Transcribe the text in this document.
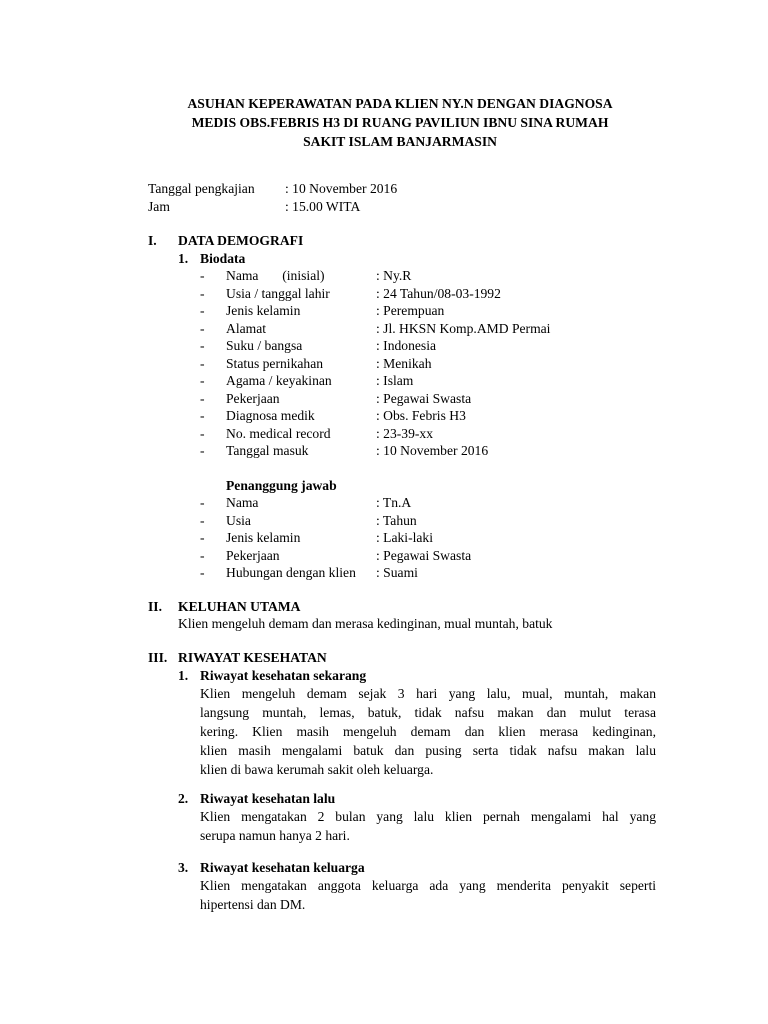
ASUHAN KEPERAWATAN PADA KLIEN NY.N DENGAN DIAGNOSA
MEDIS OBS.FEBRIS H3 DI RUANG PAVILIUN IBNU SINA RUMAH
SAKIT ISLAM BANJARMASIN
Tanggal pengkajian : 10 November 2016
Jam	: 15.00 WITA
I. DATA DEMOGRAFI
1. Biodata
- Nama       (inisial)	: Ny.R
- Usia / tanggal lahir	: 24 Tahun/08-03-1992
- Jenis kelamin	: Perempuan
- Alamat	: Jl. HKSN Komp.AMD Permai
- Suku / bangsa	: Indonesia
- Status pernikahan	: Menikah
- Agama / keyakinan	: Islam
- Pekerjaan	: Pegawai Swasta
- Diagnosa medik	: Obs. Febris H3
- No. medical record	: 23-39-xx
- Tanggal masuk	: 10 November 2016
Penanggung jawab
- Nama	: Tn.A
- Usia	: Tahun
- Jenis kelamin	: Laki-laki
- Pekerjaan	: Pegawai Swasta
- Hubungan dengan klien : Suami
II. KELUHAN UTAMA
Klien mengeluh demam dan merasa kedinginan, mual muntah, batuk
III. RIWAYAT KESEHATAN
1. Riwayat kesehatan sekarang
Klien mengeluh demam sejak 3 hari yang lalu, mual, muntah, makan
langsung muntah, lemas, batuk, tidak nafsu makan dan mulut terasa
kering. Klien masih mengeluh demam dan klien merasa kedinginan,
klien masih mengalami batuk dan pusing serta tidak nafsu makan lalu
klien di bawa kerumah sakit oleh keluarga.
2. Riwayat kesehatan lalu
Klien mengatakan 2 bulan yang lalu klien pernah mengalami hal yang
serupa namun hanya 2 hari.
3. Riwayat kesehatan keluarga
Klien mengatakan anggota keluarga ada yang menderita penyakit seperti
hipertensi dan DM.
